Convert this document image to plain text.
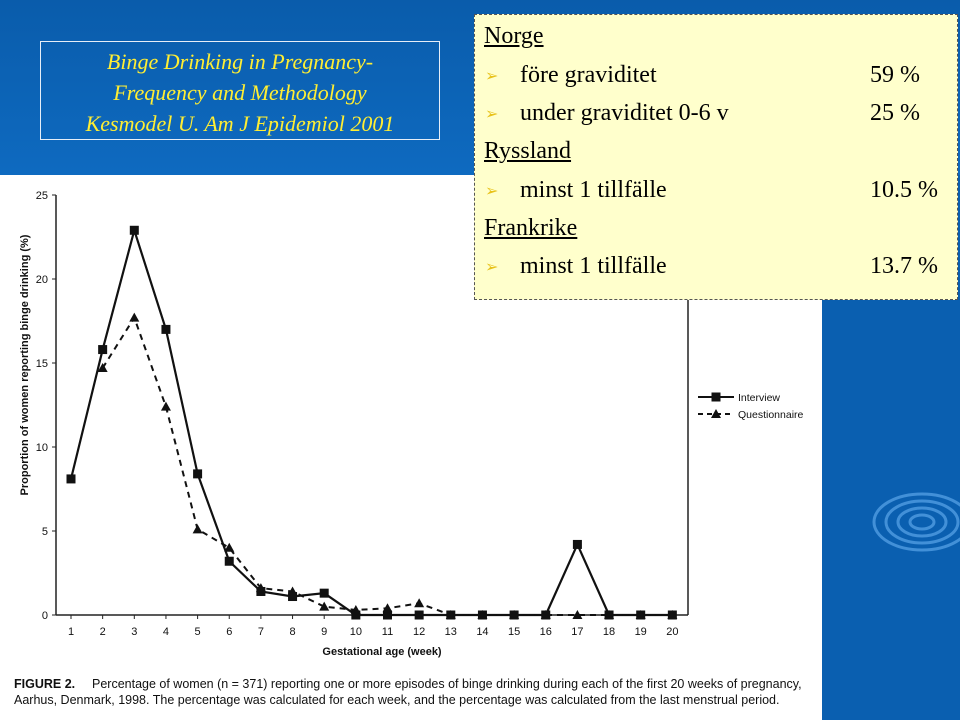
Binge Drinking in Pregnancy-
Frequency and Methodology
Kesmodel U. Am J Epidemiol 2001
0
5
10
15
20
25
1 2 3 4 5 6 7 8 9 10 11 12 13 14 15 16 17 18 19 20
Gestational age (week)
Proportion of women reporting binge drinking (%)	Interview
Questionnaire
Norge
➢ före graviditet	59 %
➢ under graviditet 0-6 v	25 %
Ryssland
➢ minst 1 tillfälle	10.5 %
Frankrike
➢ minst 1 tillfälle	13.7 %
FIGURE 2. Percentage of women (n = 371) reporting one or more episodes of binge drinking during each of the first 20 weeks of pregnancy,
Aarhus, Denmark, 1998. The percentage was calculated for each week, and the percentage was calculated from the last menstrual period.
